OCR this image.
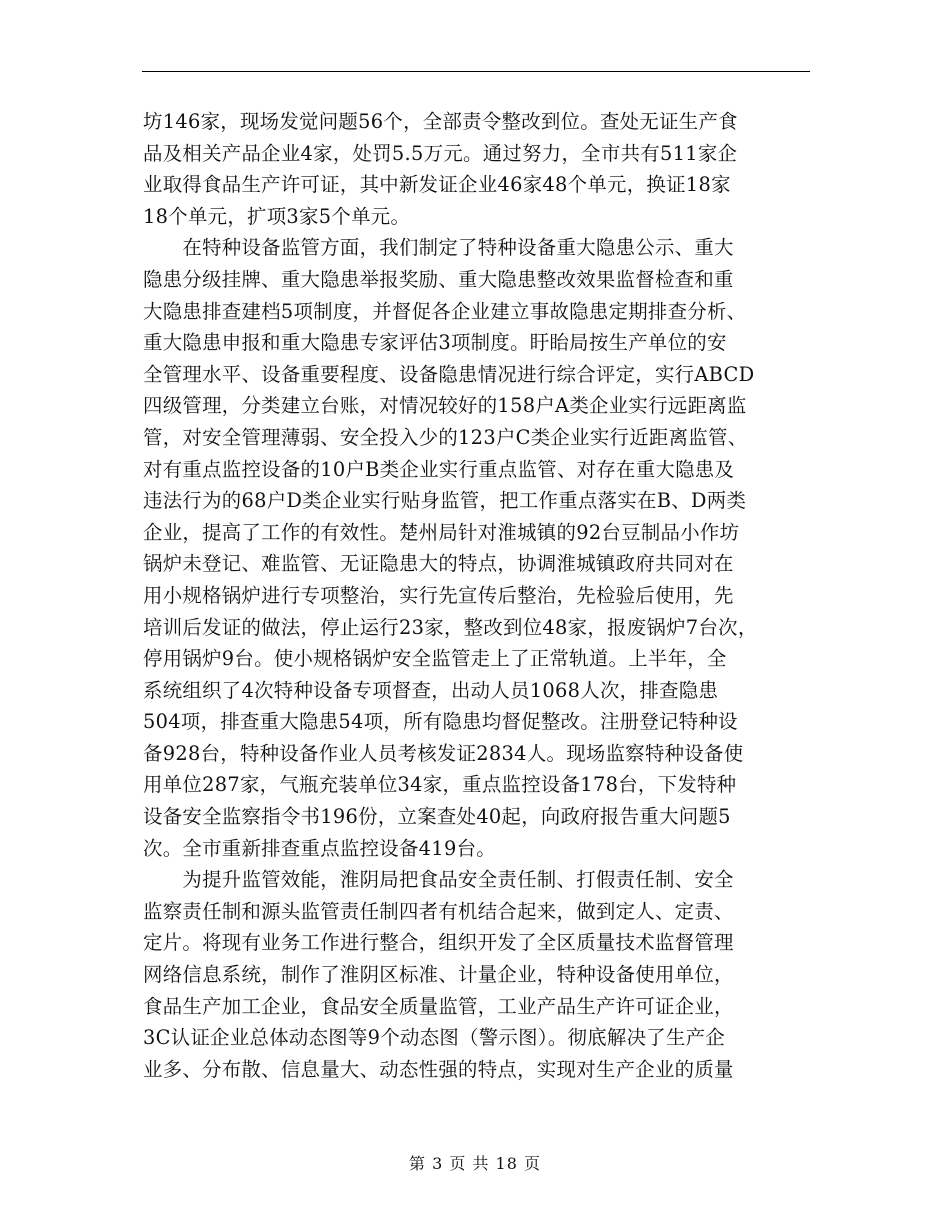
坊146家，现场发觉问题56个，全部责令整改到位。查处无证生产食
品及相关产品企业4家，处罚5.5万元。通过努力，全市共有511家企
业取得食品生产许可证，其中新发证企业46家48个单元，换证18家
18个单元，扩项3家5个单元。
　　在特种设备监管方面，我们制定了特种设备重大隐患公示、重大
隐患分级挂牌、重大隐患举报奖励、重大隐患整改效果监督检查和重
大隐患排查建档5项制度，并督促各企业建立事故隐患定期排查分析、
重大隐患申报和重大隐患专家评估3项制度。盱眙局按生产单位的安
全管理水平、设备重要程度、设备隐患情况进行综合评定，实行ABCD
四级管理，分类建立台账，对情况较好的158户A类企业实行远距离监
管，对安全管理薄弱、安全投入少的123户C类企业实行近距离监管、
对有重点监控设备的10户B类企业实行重点监管、对存在重大隐患及
违法行为的68户D类企业实行贴身监管，把工作重点落实在B、D两类
企业，提高了工作的有效性。楚州局针对淮城镇的92台豆制品小作坊
锅炉未登记、难监管、无证隐患大的特点，协调淮城镇政府共同对在
用小规格锅炉进行专项整治，实行先宣传后整治，先检验后使用，先
培训后发证的做法，停止运行23家，整改到位48家，报废锅炉7台次，
停用锅炉9台。使小规格锅炉安全监管走上了正常轨道。上半年，全
系统组织了4次特种设备专项督查，出动人员1068人次，排查隐患
504项，排查重大隐患54项，所有隐患均督促整改。注册登记特种设
备928台，特种设备作业人员考核发证2834人。现场监察特种设备使
用单位287家，气瓶充装单位34家，重点监控设备178台，下发特种
设备安全监察指令书196份，立案查处40起，向政府报告重大问题5
次。全市重新排查重点监控设备419台。
　　为提升监管效能，淮阴局把食品安全责任制、打假责任制、安全
监察责任制和源头监管责任制四者有机结合起来，做到定人、定责、
定片。将现有业务工作进行整合，组织开发了全区质量技术监督管理
网络信息系统，制作了淮阴区标准、计量企业，特种设备使用单位，
食品生产加工企业，食品安全质量监管，工业产品生产许可证企业，
3C认证企业总体动态图等9个动态图（警示图）。彻底解决了生产企
业多、分布散、信息量大、动态性强的特点，实现对生产企业的质量
第 3 页 共 18 页
